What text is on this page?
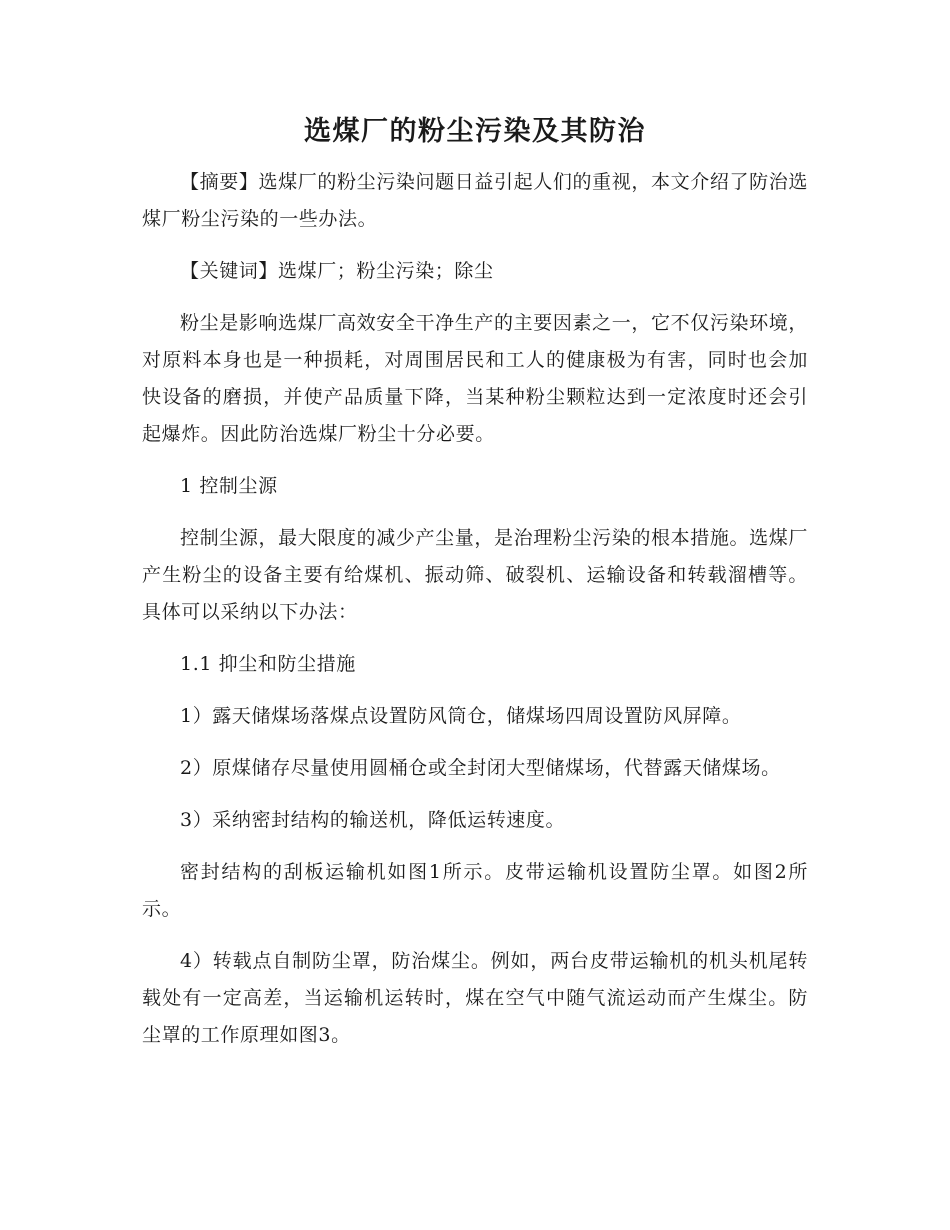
选煤厂的粉尘污染及其防治

【摘要】选煤厂的粉尘污染问题日益引起人们的重视，本文介绍了防治选煤厂粉尘污染的一些办法。

【关键词】选煤厂；粉尘污染；除尘

粉尘是影响选煤厂高效安全干净生产的主要因素之一，它不仅污染环境，对原料本身也是一种损耗，对周围居民和工人的健康极为有害，同时也会加快设备的磨损，并使产品质量下降，当某种粉尘颗粒达到一定浓度时还会引起爆炸。因此防治选煤厂粉尘十分必要。

1 控制尘源

控制尘源，最大限度的减少产尘量，是治理粉尘污染的根本措施。选煤厂产生粉尘的设备主要有给煤机、振动筛、破裂机、运输设备和转载溜槽等。具体可以采纳以下办法：

1.1 抑尘和防尘措施

1）露天储煤场落煤点设置防风筒仓，储煤场四周设置防风屏障。

2）原煤储存尽量使用圆桶仓或全封闭大型储煤场，代替露天储煤场。

3）采纳密封结构的输送机，降低运转速度。

密封结构的刮板运输机如图1所示。皮带运输机设置防尘罩。如图2所示。

4）转载点自制防尘罩，防治煤尘。例如，两台皮带运输机的机头机尾转载处有一定高差，当运输机运转时，煤在空气中随气流运动而产生煤尘。防尘罩的工作原理如图3。
